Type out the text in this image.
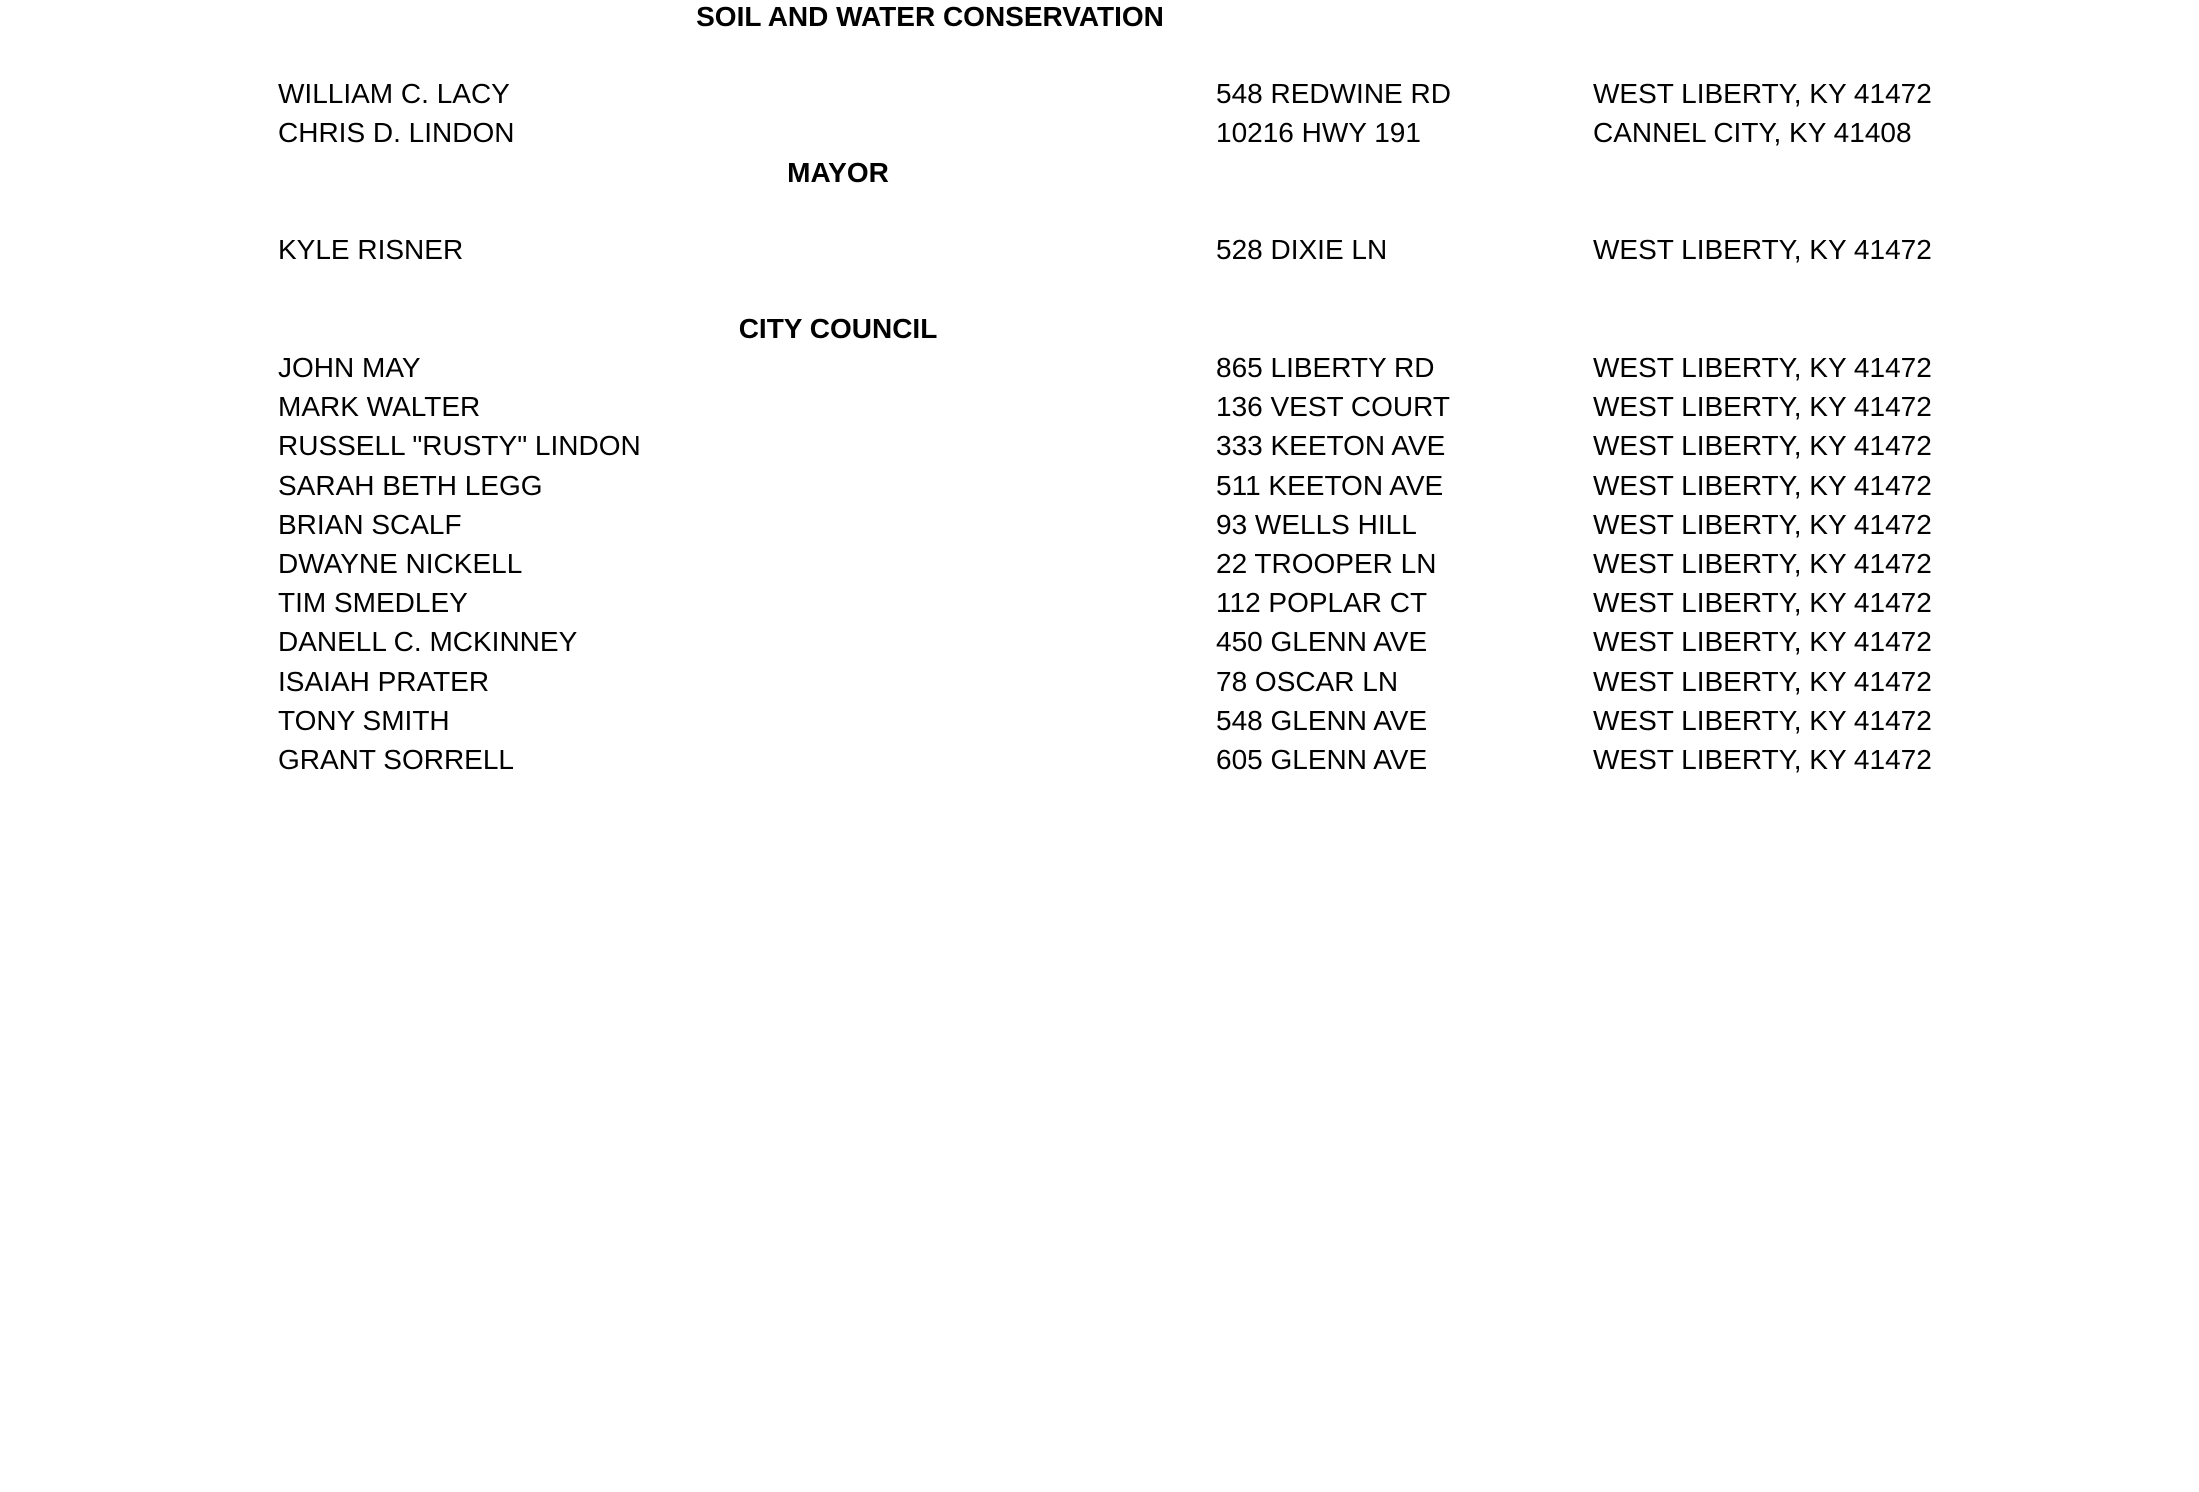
SOIL AND WATER CONSERVATION
WILLIAM C. LACY	548 REDWINE RD	WEST LIBERTY, KY 41472
CHRIS D. LINDON	10216 HWY 191	CANNEL CITY, KY 41408
MAYOR
KYLE RISNER	528 DIXIE LN	WEST LIBERTY, KY 41472
CITY COUNCIL
JOHN MAY	865 LIBERTY RD	WEST LIBERTY, KY 41472
MARK WALTER	136 VEST COURT	WEST LIBERTY, KY 41472
RUSSELL "RUSTY" LINDON	333 KEETON AVE	WEST LIBERTY, KY 41472
SARAH BETH LEGG	511 KEETON AVE	WEST LIBERTY, KY 41472
BRIAN SCALF	93 WELLS HILL	WEST LIBERTY, KY 41472
DWAYNE NICKELL	22 TROOPER LN	WEST LIBERTY, KY 41472
TIM SMEDLEY	112 POPLAR CT	WEST LIBERTY, KY 41472
DANELL C. MCKINNEY	450 GLENN AVE	WEST LIBERTY, KY 41472
ISAIAH PRATER	78 OSCAR LN	WEST LIBERTY, KY 41472
TONY SMITH	548 GLENN AVE	WEST LIBERTY, KY 41472
GRANT SORRELL	605 GLENN AVE	WEST LIBERTY, KY 41472
